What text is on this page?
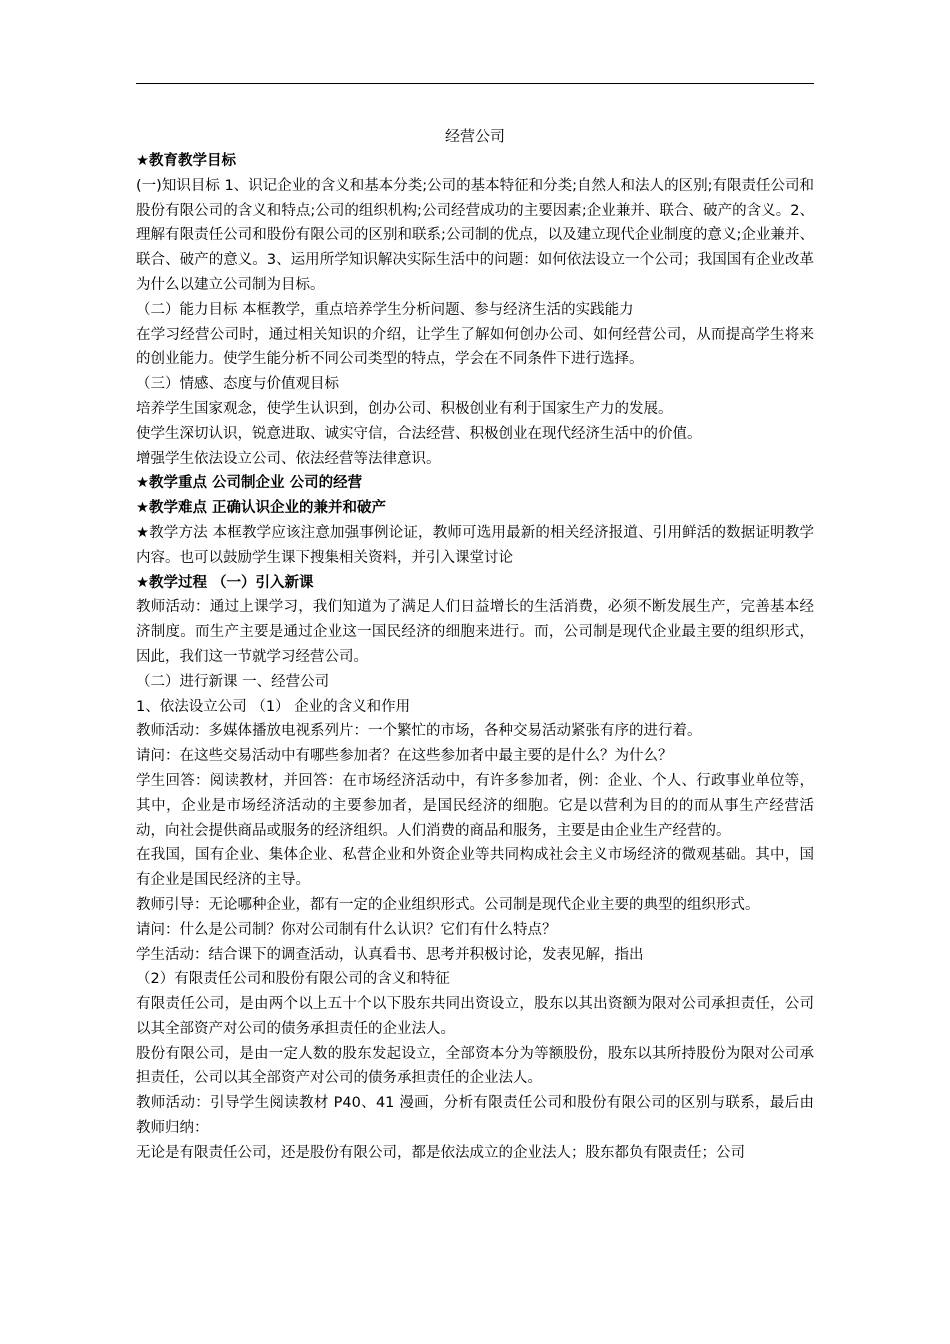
经营公司

★教育教学目标

(一)知识目标 1、识记企业的含义和基本分类;公司的基本特征和分类;自然人和法人的区别;有限责任公司和股份有限公司的含义和特点;公司的组织机构;公司经营成功的主要因素;企业兼并、联合、破产的含义。2、理解有限责任公司和股份有限公司的区别和联系;公司制的优点，以及建立现代企业制度的意义;企业兼并、联合、破产的意义。3、运用所学知识解决实际生活中的问题：如何依法设立一个公司；我国国有企业改革为什么以建立公司制为目标。

（二）能力目标 本框教学，重点培养学生分析问题、参与经济生活的实践能力

在学习经营公司时，通过相关知识的介绍，让学生了解如何创办公司、如何经营公司，从而提高学生将来的创业能力。使学生能分析不同公司类型的特点，学会在不同条件下进行选择。

（三）情感、态度与价值观目标

培养学生国家观念，使学生认识到，创办公司、积极创业有利于国家生产力的发展。

使学生深切认识，锐意进取、诚实守信，合法经营、积极创业在现代经济生活中的价值。

增强学生依法设立公司、依法经营等法律意识。

★教学重点 公司制企业 公司的经营

★教学难点 正确认识企业的兼并和破产

★教学方法 本框教学应该注意加强事例论证，教师可选用最新的相关经济报道、引用鲜活的数据证明教学内容。也可以鼓励学生课下搜集相关资料，并引入课堂讨论

★教学过程 （一）引入新课

教师活动：通过上课学习，我们知道为了满足人们日益增长的生活消费，必须不断发展生产，完善基本经济制度。而生产主要是通过企业这一国民经济的细胞来进行。而，公司制是现代企业最主要的组织形式，因此，我们这一节就学习经营公司。

（二）进行新课 一、经营公司

1、依法设立公司 （1） 企业的含义和作用

教师活动：多媒体播放电视系列片：一个繁忙的市场，各种交易活动紧张有序的进行着。

请问：在这些交易活动中有哪些参加者？在这些参加者中最主要的是什么？为什么？

学生回答：阅读教材，并回答：在市场经济活动中，有许多参加者，例：企业、个人、行政事业单位等，其中，企业是市场经济活动的主要参加者，是国民经济的细胞。它是以营利为目的的而从事生产经营活动，向社会提供商品或服务的经济组织。人们消费的商品和服务，主要是由企业生产经营的。

在我国，国有企业、集体企业、私营企业和外资企业等共同构成社会主义市场经济的微观基础。其中，国有企业是国民经济的主导。

教师引导：无论哪种企业，都有一定的企业组织形式。公司制是现代企业主要的典型的组织形式。

请问：什么是公司制？你对公司制有什么认识？它们有什么特点？

学生活动：结合课下的调查活动，认真看书、思考并积极讨论，发表见解，指出

（2）有限责任公司和股份有限公司的含义和特征

有限责任公司，是由两个以上五十个以下股东共同出资设立，股东以其出资额为限对公司承担责任，公司以其全部资产对公司的债务承担责任的企业法人。

股份有限公司，是由一定人数的股东发起设立，全部资本分为等额股份，股东以其所持股份为限对公司承担责任，公司以其全部资产对公司的债务承担责任的企业法人。

教师活动：引导学生阅读教材 P40、41 漫画，分析有限责任公司和股份有限公司的区别与联系，最后由教师归纳：

无论是有限责任公司，还是股份有限公司，都是依法成立的企业法人；股东都负有限责任；公司
